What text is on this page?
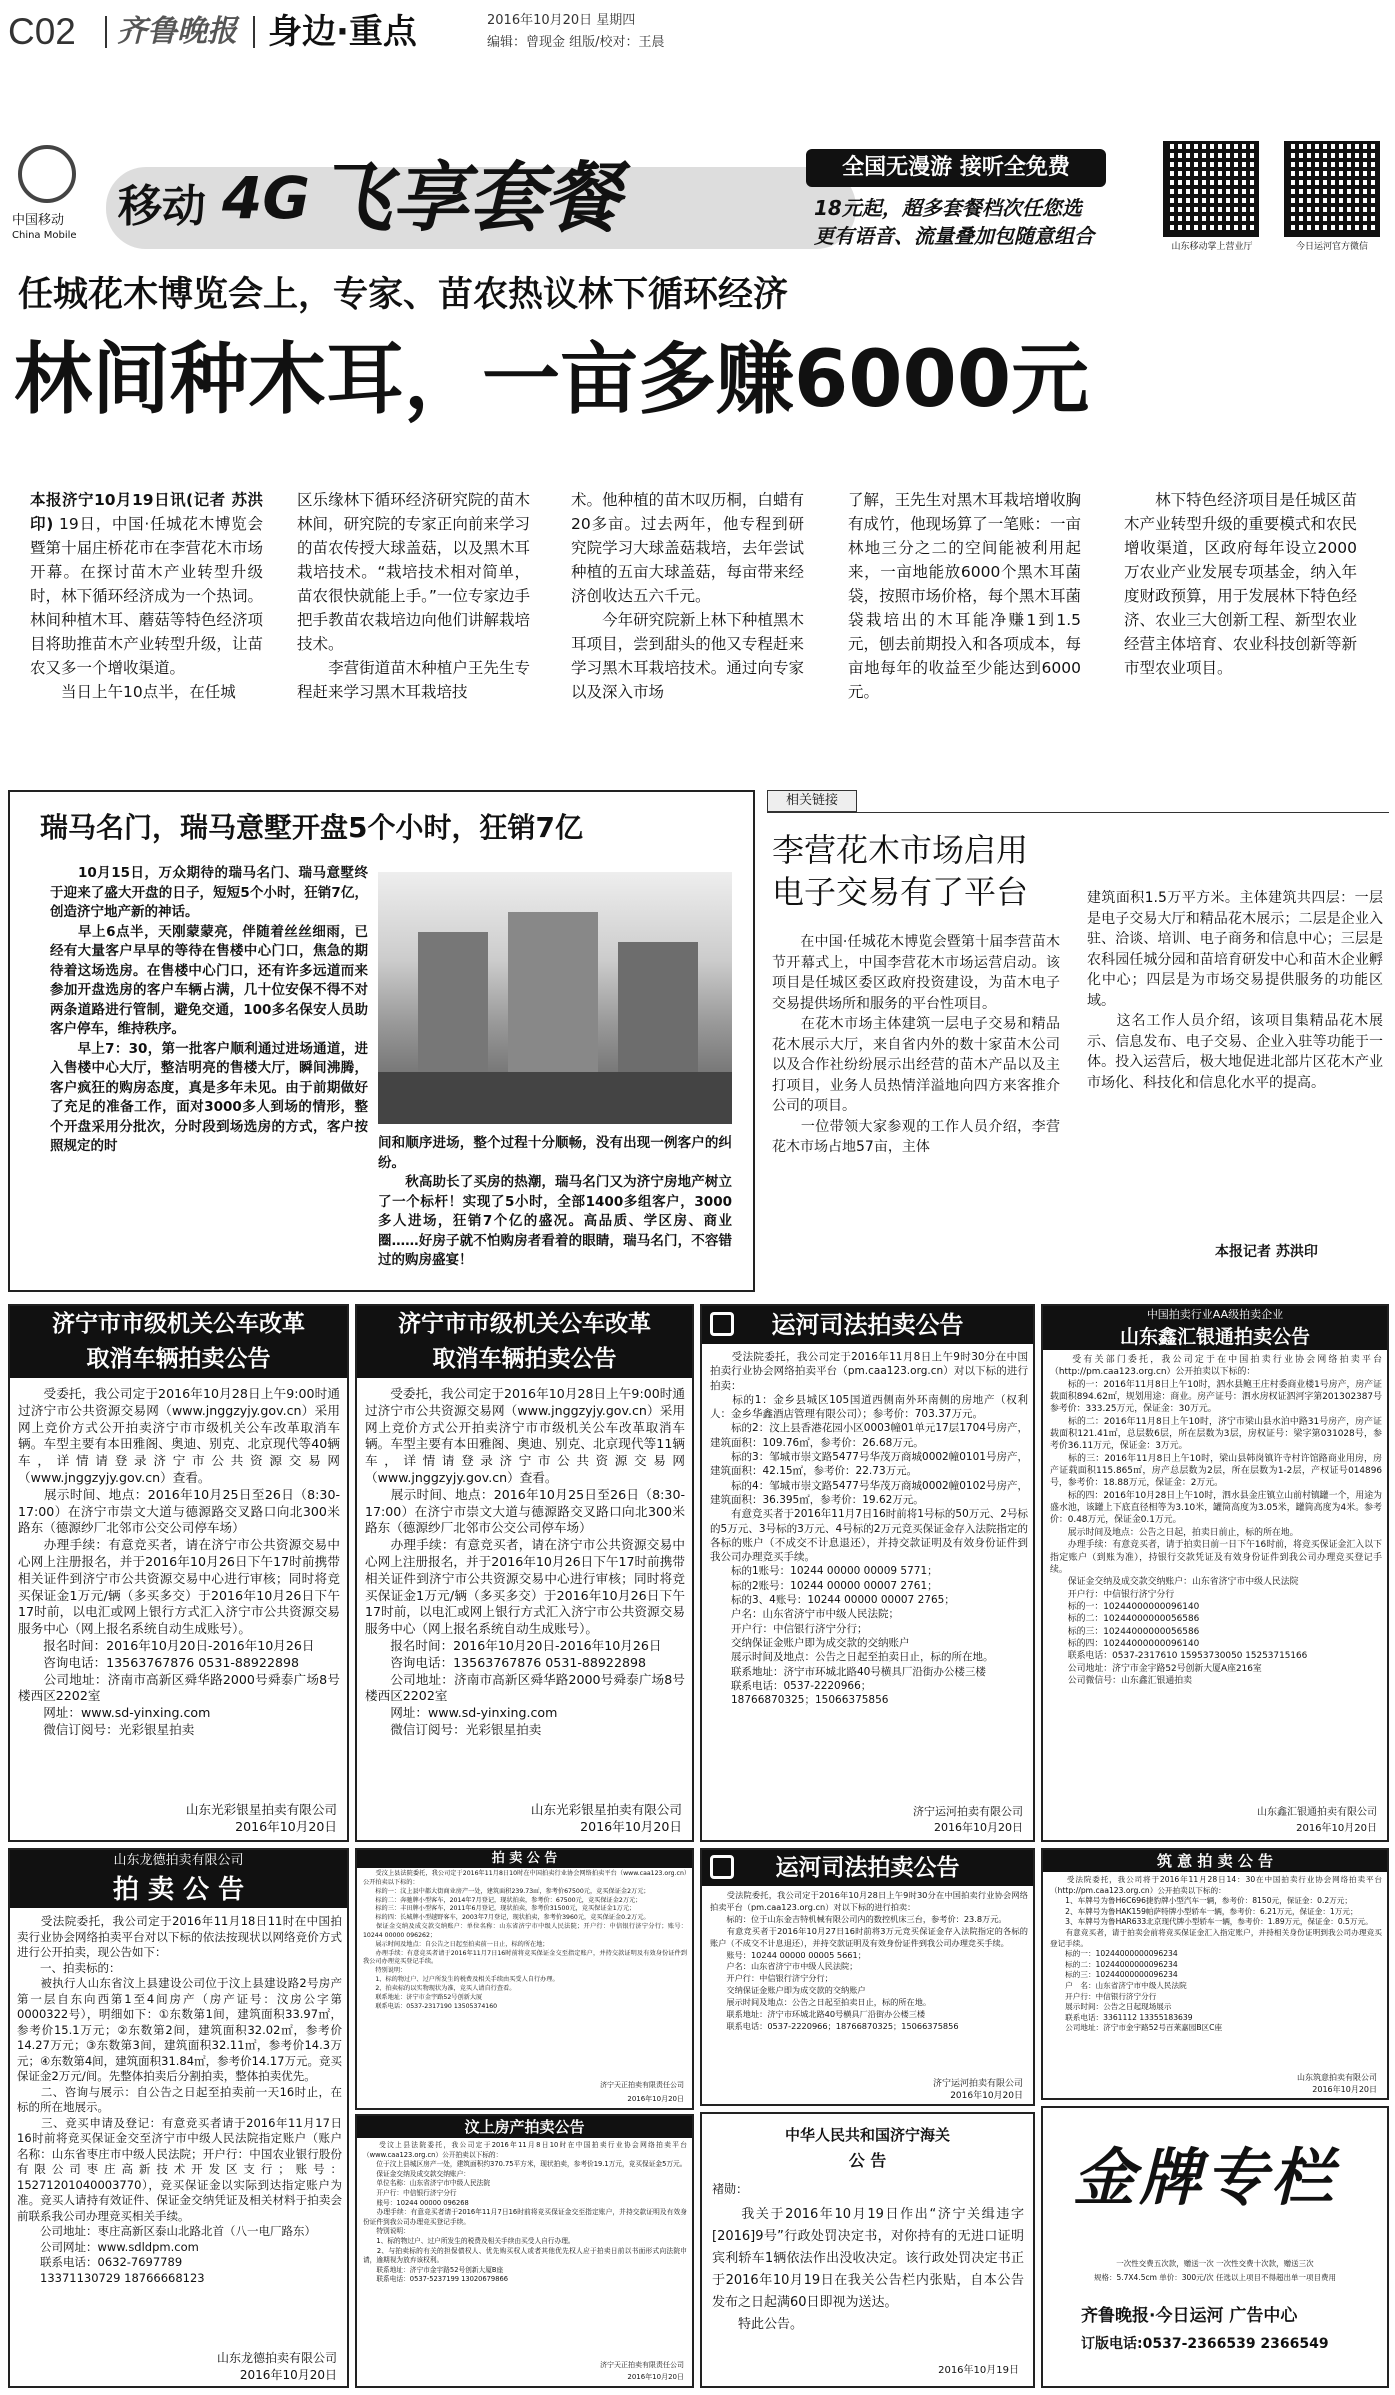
C02 齐鲁晚报 身边·重点	2016年10月20日 星期四
编辑：曾现金 组版/校对：王晨
中国移动
China Mobile
移动 4G 飞享套餐	全国无漫游 接听全免费
18元起，超多套餐档次任您选
更有语音、流量叠加包随意组合	山东移动掌上营业厅	今日运河官方微信
任城花木博览会上，专家、苗农热议林下循环经济
林间种木耳，一亩多赚6000元
本报济宁10月19日讯(记者 苏洪印) 19日，中国·任城花木博览会暨第十届庄桥花市在李营花木市场开幕。在探讨苗木产业转型升级时，林下循环经济成为一个热词。林间种植木耳、蘑菇等特色经济项目将助推苗木产业转型升级，让苗农又多一个增收渠道。
　　当日上午10点半，在任城
区乐缘林下循环经济研究院的苗木林间，研究院的专家正向前来学习的苗农传授大球盖菇，以及黑木耳栽培技术。“栽培技术相对简单，苗农很快就能上手。”一位专家边手把手教苗农栽培边向他们讲解栽培技术。
　　李营街道苗木种植户王先生专程赶来学习黑木耳栽培技
术。他种植的苗木叹历桐，白蜡有20多亩。过去两年，他专程到研究院学习大球盖菇栽培，去年尝试种植的五亩大球盖菇，每亩带来经济创收达五六千元。
　　今年研究院新上林下种植黑木耳项目，尝到甜头的他又专程赶来学习黑木耳栽培技术。通过向专家以及深入市场
了解，王先生对黑木耳栽培增收胸有成竹，他现场算了一笔账：一亩林地三分之二的空间能被利用起来，一亩地能放6000个黑木耳菌袋，按照市场价格，每个黑木耳菌袋栽培出的木耳能净赚1到1.5元，刨去前期投入和各项成本，每亩地每年的收益至少能达到6000元。
　　林下特色经济项目是任城区苗木产业转型升级的重要模式和农民增收渠道，区政府每年设立2000万农业产业发展专项基金，纳入年度财政预算，用于发展林下特色经济、农业三大创新工程、新型农业经营主体培育、农业科技创新等新市型农业项目。
瑞马名门，瑞马意墅开盘5个小时，狂销7亿
　　10月15日，万众期待的瑞马名门、瑞马意墅终于迎来了盛大开盘的日子，短短5个小时，狂销7亿，创造济宁地产新的神话。
　　早上6点半，天刚蒙蒙亮，伴随着丝丝细雨，已经有大量客户早早的等待在售楼中心门口，焦急的期待着这场选房。在售楼中心门口，还有许多远道而来参加开盘选房的客户车辆占满，几十位安保不得不对两条道路进行管制，避免交通，100多名保安人员助客户停车，维持秩序。
　　早上7：30，第一批客户顺利通过进场通道，进入售楼中心大厅，整洁明亮的售楼大厅，瞬间沸腾，客户疯狂的购房态度，真是多年未见。由于前期做好了充足的准备工作，面对3000多人到场的情形，整个开盘采用分批次，分时段到场选房的方式，客户按照规定的时	间和顺序进场，整个过程十分顺畅，没有出现一例客户的纠纷。
　　秋高助长了买房的热潮，瑞马名门又为济宁房地产树立了一个标杆！实现了5小时，全部1400多组客户，3000多人进场，狂销7个亿的盛况。高品质、学区房、商业圈……好房子就不怕购房者看着的眼睛，瑞马名门，不容错过的购房盛宴！
相关链接
李营花木市场启用
电子交易有了平台
　　在中国·任城花木博览会暨第十届李营苗木节开幕式上，中国李营花木市场运营启动。该项目是任城区委区政府投资建设，为苗木电子交易提供场所和服务的平台性项目。
　　在花木市场主体建筑一层电子交易和精品花木展示大厅，来自省内外的数十家苗木公司以及合作社纷纷展示出经营的苗木产品以及主打项目，业务人员热情洋溢地向四方来客推介公司的项目。
　　一位带领大家参观的工作人员介绍，李营花木市场占地57亩，主体
建筑面积1.5万平方米。主体建筑共四层：一层是电子交易大厅和精品花木展示；二层是企业入驻、洽谈、培训、电子商务和信息中心；三层是农科园任城分园和苗培育研发中心和苗木企业孵化中心；四层是为市场交易提供服务的功能区域。
　　这名工作人员介绍，该项目集精品花木展示、信息发布、电子交易、企业入驻等功能于一体。投入运营后，极大地促进北部片区花木产业市场化、科技化和信息化水平的提高。
本报记者 苏洪印
济宁市市级机关公车改革
取消车辆拍卖公告
　　受委托，我公司定于2016年10月28日上午9:00时通过济宁市公共资源交易网（www.jnggzyjy.gov.cn）采用网上竞价方式公开拍卖济宁市市级机关公车改革取消车辆。车型主要有本田雅阁、奥迪、别克、北京现代等40辆车，详情请登录济宁市公共资源交易网（www.jnggzyjy.gov.cn）查看。
　　展示时间、地点：2016年10月25日至26日（8:30-17:00）在济宁市崇文大道与德源路交叉路口向北300米路东（德源纱厂北邻市公交公司停车场）
　　办理手续：有意竞买者，请在济宁市公共资源交易中心网上注册报名，并于2016年10月26日下午17时前携带相关证件到济宁市公共资源交易中心进行审核；同时将竞买保证金1万元/辆（多买多交）于2016年10月26日下午17时前，以电汇或网上银行方式汇入济宁市公共资源交易服务中心（网上报名系统自动生成账号）。
　　报名时间：2016年10月20日-2016年10月26日
　　咨询电话：13563767876 0531-88922898
　　公司地址：济南市高新区舜华路2000号舜泰广场8号楼西区2202室
　　网址：www.sd-yinxing.com
　　微信订阅号：光彩银星拍卖
山东光彩银星拍卖有限公司
2016年10月20日
济宁市市级机关公车改革
取消车辆拍卖公告
　　受委托，我公司定于2016年10月28日上午9:00时通过济宁市公共资源交易网（www.jnggzyjy.gov.cn）采用网上竞价方式公开拍卖济宁市市级机关公车改革取消车辆。车型主要有本田雅阁、奥迪、别克、北京现代等11辆车，详情请登录济宁市公共资源交易网（www.jnggzyjy.gov.cn）查看。
　　展示时间、地点：2016年10月25日至26日（8:30-17:00）在济宁市崇文大道与德源路交叉路口向北300米路东（德源纱厂北邻市公交公司停车场）
　　办理手续：有意竞买者，请在济宁市公共资源交易中心网上注册报名，并于2016年10月26日下午17时前携带相关证件到济宁市公共资源交易中心进行审核；同时将竞买保证金1万元/辆（多买多交）于2016年10月26日下午17时前，以电汇或网上银行方式汇入济宁市公共资源交易服务中心（网上报名系统自动生成账号）。
　　报名时间：2016年10月20日-2016年10月26日
　　咨询电话：13563767876 0531-88922898
　　公司地址：济南市高新区舜华路2000号舜泰广场8号楼西区2202室
　　网址：www.sd-yinxing.com
　　微信订阅号：光彩银星拍卖
山东光彩银星拍卖有限公司
2016年10月20日
运河司法拍卖公告
　　受法院委托，我公司定于2016年11月8日上午9时30分在中国拍卖行业协会网络拍卖平台（pm.caa123.org.cn）对以下标的进行拍卖：
　　标的1：金乡县城区105国道西侧南外环南侧的房地产（权利人：金乡华鑫酒店管理有限公司）；参考价：703.37万元。
　　标的2：汶上县香港花园小区0003幢01单元17层1704号房产，建筑面积：109.76㎡，参考价：26.68万元。
　　标的3：邹城市崇文路5477号华茂万商城0002幢0101号房产，建筑面积：42.15㎡，参考价：22.73万元。
　　标的4：邹城市崇文路5477号华茂万商城0002幢0102号房产，建筑面积：36.395㎡，参考价：19.62万元。
　　有意竞买者于2016年11月7日16时前将1号标的50万元、2号标的5万元、3号标的3万元、4号标的2万元竞买保证金存入法院指定的各标的账户（不成交不计息退还），并持交款证明及有效身份证件到我公司办理竞买手续。
　　标的1账号：10244 00000 00009 5771；
　　标的2账号：10244 00000 00007 2761；
　　标的3、4账号：10244 00000 00007 2765；
　　户名：山东省济宁市中级人民法院；
　　开户行：中信银行济宁分行；
　　交纳保证金账户即为成交款的交纳账户
　　展示时间及地点：公告之日起至拍卖日止，标的所在地。
　　联系地址：济宁市环城北路40号横具厂沿街办公楼三楼
　　联系电话：0537-2220966；
　　18766870325；15066375856
济宁运河拍卖有限公司
2016年10月20日
中国拍卖行业AA级拍卖企业
山东鑫汇银通拍卖公告
　　受有关部门委托，我公司定于在中国拍卖行业协会网络拍卖平台（http://pm.caa123.org.cn）公开拍卖以下标的：
　　标的一：2016年11月8日上午10时，泗水县鲍王庄村委商业楼1号房产，房产证载面积894.62㎡，规划用途：商业。房产证号：泗水房权证泗河字第201302387号参考价：333.25万元，保证金：30万元。
　　标的二：2016年11月8日上午10时，济宁市梁山县水泊中路31号房产，房产证载面积121.41㎡，总层数6层，所在层数为3层，房权证号：梁字第031028号，参考价36.11万元，保证金：3万元。
　　标的三：2016年11月8日上午10时，梁山县韩岗镇许寺村许馆路商业用房，房产证载面积115.865㎡，房产总层数为2层，所在层数为1-2层，产权证号014896号，参考价：18.88万元，保证金：2万元。
　　标的四：2016年10月28日上午10时，泗水县金庄镇立山前村镇罐一个，用途为盛水池，该罐上下底直径相等为3.10米，罐筒高度为3.05米，罐筒高度为4米。参考价：0.48万元，保证金0.1万元。
　　展示时间及地点：公告之日起，拍卖日前止，标的所在地。
　　办理手续：有意竞买者，请于拍卖日前一日下午16时前，将竞买保证金汇入以下指定账户（到账为准），持银行交款凭证及有效身份证件到我公司办理竞买登记手续。
　　保证金交纳及成交款交纳账户：山东省济宁市中级人民法院
　　开户行：中信银行济宁分行
　　标的一：10244000000096140
　　标的二：10244000000056586
　　标的三：10244000000056586
　　标的四：10244000000096140
　　联系电话：0537-2317610 15953730050 15253715166
　　公司地址：济宁市金宇路52号创新大厦A座216室
　　公司微信号：山东鑫汇银通拍卖
山东鑫汇银通拍卖有限公司
2016年10月20日
山东龙德拍卖有限公司
拍 卖 公 告
　　受法院委托，我公司定于2016年11月18日11时在中国拍卖行业协会网络拍卖平台对以下标的依法按现状以网络竞价方式进行公开拍卖，现公告如下：
　　一、拍卖标的：
　　被执行人山东省汶上县建设公司位于汶上县建设路2号房产第一层自东向西第1至4间房产（房产证号：汶房公字第0000322号），明细如下：①东数第1间，建筑面积33.97㎡，参考价15.1万元；②东数第2间，建筑面积32.02㎡，参考价14.27万元；③东数第3间，建筑面积32.11㎡，参考价14.3万元；④东数第4间，建筑面积31.84㎡，参考价14.17万元。竞买保证金2万元/间。先整体拍卖后分割拍卖，整体拍卖优先。
　　二、咨询与展示：自公告之日起至拍卖前一天16时止，在标的所在地展示。
　　三、竞买申请及登记：有意竞买者请于2016年11月17日16时前将竞买保证金交至济宁市中级人民法院指定账户（账户名称：山东省枣庄市中级人民法院；开户行：中国农业银行股份有限公司枣庄高新技术开发区支行；账号：15271201040003770），竞买保证金以实际到达指定账户为准。竞买人请持有效证件、保证金交纳凭证及相关材料于拍卖会前联系我公司办理竞买相关手续。
　　公司地址：枣庄高新区泰山北路北首（八一电厂路东）
　　公司网址：www.sdldpm.com
　　联系电话：0632-7697789
　　13371130729 18766668123
山东龙德拍卖有限公司
2016年10月20日
拍 卖 公 告
　　受汶上县法院委托，我公司定于2016年11月8日10时在中国拍卖行业协会网络拍卖平台（www.caa123.org.cn）公开拍卖以下标的：
　　标的一：汶上县中都大街商业房产一处，建筑面积239.73㎡，参考价67500元，竞买保证金2万元；
　　标的二：奔驰牌小型客车，2014年7月登记，现状拍卖，参考价：67500元，竞买保证金2万元；
　　标的三：丰田牌小型客车，2011年6月登记，现状拍卖，参考价31500元，竞买保证金1万元；
　　标的四：长城牌小型越野客车，2003年7月登记，现状拍卖，参考价3960元，竞买保证金0.2万元。
　　保证金交纳及成交款交纳账户：单位名称：山东省济宁市中级人民法院；开户行：中信银行济宁分行；账号：10244 00000 096262；
　　展示时间及地点：自公告之日起至拍卖前一日止，标的所在地；
　　办理手续：有意竞买者请于2016年11月7日16时前将竞买保证金交至指定账户，并持交款证明及有效身份证件到我公司办理竞买登记手续。
　　特别说明：
　　1、标的物过户、过户所发生的税费及相关手续由买受人自行办理。
　　2、拍卖标的以实物现状为准，竞买人请自行查看。
　　联系地址：济宁市金宇路52号创新大厦
　　联系电话：0537-2317190 13505374160
济宁天正拍卖有限责任公司
2016年10月20日
汶上房产拍卖公告
　　受汶上县法院委托，我公司定于2016年11月8日10时在中国拍卖行业协会网络拍卖平台（www.caa123.org.cn）公开拍卖以下标的：
　　位于汶上县城区房产一处，建筑面积约370.75平方米，现状拍卖，参考价19.1万元，竞买保证金5万元。
　　保证金交纳及成交款交纳账户：
　　单位名称：山东省济宁市中级人民法院
　　开户行：中信银行济宁分行
　　账号：10244 00000 096268
　　办理手续：有意竞买者请于2016年11月7日16时前将竞买保证金交至指定账户，并持交款证明及有效身份证件到我公司办理竞买登记手续。
　　特别说明：
　　1、标的物过户、过户所发生的税费及相关手续由买受人自行办理。
　　2、与拍卖标的有关的担保债权人、优先购买权人或者其他优先权人应于拍卖日前以书面形式向法院申请，逾期视为放弃该权利。
　　联系地址：济宁市金宇路52号创新大厦B座
　　联系电话：0537-5237199 13020679866
济宁天正拍卖有限责任公司
2016年10月20日
运河司法拍卖公告
　　受法院委托，我公司定于2016年10月28日上午9时30分在中国拍卖行业协会网络拍卖平台（pm.caa123.org.cn）对以下标的进行拍卖：
　　标的：位于山东金吉特机械有限公司内的数控机床三台，参考价：23.8万元。
　　有意竞买者于2016年10月27日16时前将3万元竞买保证金存入法院指定的各标的账户（不成交不计息退还），并持交款证明及有效身份证件到我公司办理竞买手续。
　　账号：10244 00000 00005 5661；
　　户名：山东省济宁市中级人民法院；
　　开户行：中信银行济宁分行；
　　交纳保证金账户即为成交款的交纳账户
　　展示时间及地点：公告之日起至拍卖日止，标的所在地。
　　联系地址：济宁市环城北路40号横具厂沿街办公楼三楼
　　联系电话：0537-2220966；18766870325；15066375856
济宁运河拍卖有限公司
2016年10月20日
中华人民共和国济宁海关
公 告
褚勋：
　　我关于2016年10月19日作出“济宁关缉违字[2016]9号”行政处罚决定书，对你持有的无进口证明宾利轿车1辆依法作出没收决定。该行政处罚决定书正于2016年10月19日在我关公告栏内张贴，自本公告发布之日起满60日即视为送达。
　　特此公告。
2016年10月19日
筑 意 拍 卖 公 告
　　受法院委托，我公司将于2016年11月28日14：30在中国拍卖行业协会网络拍卖平台（http://pm.caa123.org.cn）公开拍卖以下标的：
　　1、车牌号为鲁H6C696捷豹牌小型汽车一辆，参考价：8150元，保证金：0.2万元；
　　2、车牌号为鲁HAK159帕萨特牌小型轿车一辆，参考价：6.21万元，保证金：1万元；
　　3、车牌号为鲁HAR633北京现代牌小型轿车一辆，参考价：1.89万元，保证金：0.5万元。
　　有意竞买者，请于拍卖会前将竞买保证金汇入指定账户，并持相关身份证明到我公司办理竞买登记手续。
　　标的一：10244000000096234
　　标的二：10244000000096234
　　标的三：10244000000096234
　　户　名：山东省济宁市中级人民法院
　　开户行：中信银行济宁分行
　　展示时间：公告之日起现场展示
　　联系电话：3361112 13355183639
　　公司地址：济宁市金宇路52号百莱嘉园B区C座
山东筑意拍卖有限公司
2016年10月20日
金牌专栏
一次性交费五次款，赠送一次 一次性交费十次款，赠送三次
规格：5.7X4.5cm 单价：300元/次 任选以上项目不得超出单一项目费用
齐鲁晚报·今日运河 广告中心
订版电话:0537-2366539 2366549
